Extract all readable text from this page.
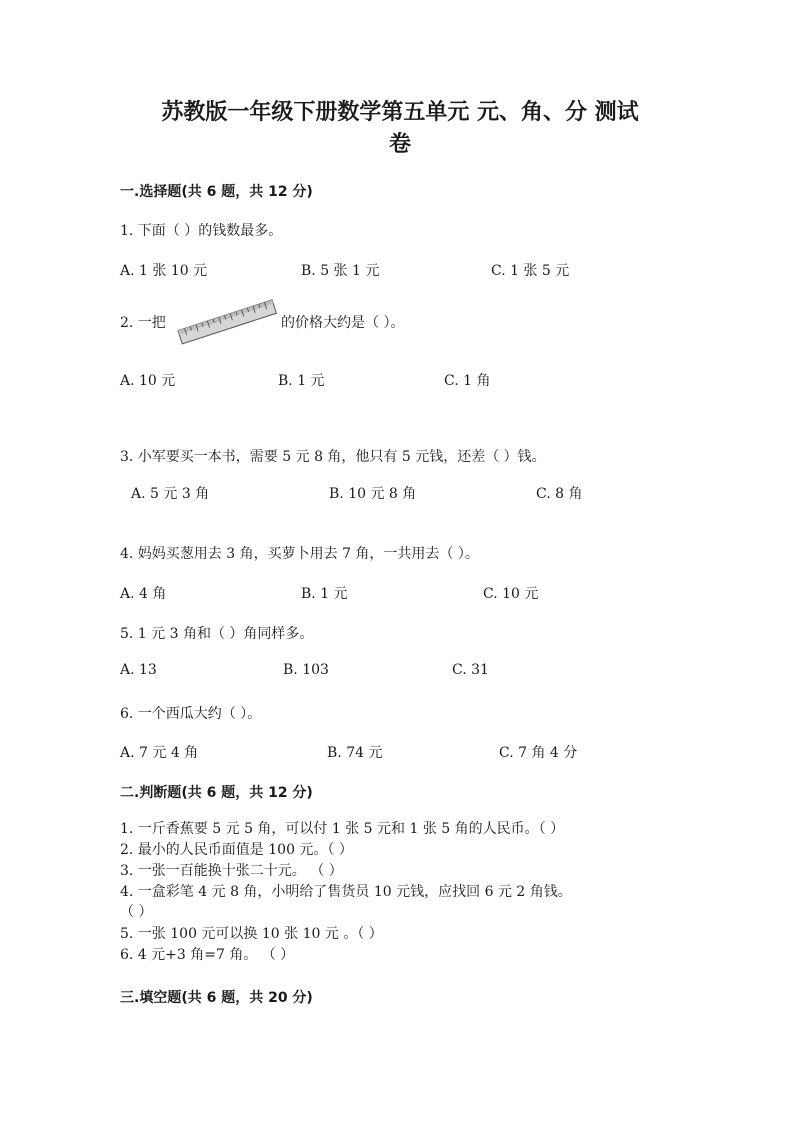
苏教版一年级下册数学第五单元 元、角、分 测试
卷
一.选择题(共 6 题，共 12 分)
1. 下面（ ）的钱数最多。
A. 1 张 10 元	B. 5 张 1 元	C. 1 张 5 元
2. 一把	的价格大约是（ ）。
A. 10 元	B. 1 元	C. 1 角
3. 小军要买一本书，需要 5 元 8 角，他只有 5 元钱，还差（ ）钱。
A. 5 元 3 角	B. 10 元 8 角	C. 8 角
4. 妈妈买葱用去 3 角，买萝卜用去 7 角，一共用去（ ）。
A. 4 角	B. 1 元	C. 10 元
5. 1 元 3 角和（ ）角同样多。
A. 13	B. 103	C. 31
6. 一个西瓜大约（ ）。
A. 7 元 4 角	B. 74 元	C. 7 角 4 分
二.判断题(共 6 题，共 12 分)
1. 一斤香蕉要 5 元 5 角，可以付 1 张 5 元和 1 张 5 角的人民币。（ ）
2. 最小的人民币面值是 100 元。（ ）
3. 一张一百能换十张二十元。 （ ）
4. 一盒彩笔 4 元 8 角，小明给了售货员 10 元钱，应找回 6 元 2 角钱。
（ ）
5. 一张 100 元可以换 10 张 10 元 。（ ）
6. 4 元+3 角=7 角。 （ ）
三.填空题(共 6 题，共 20 分)
